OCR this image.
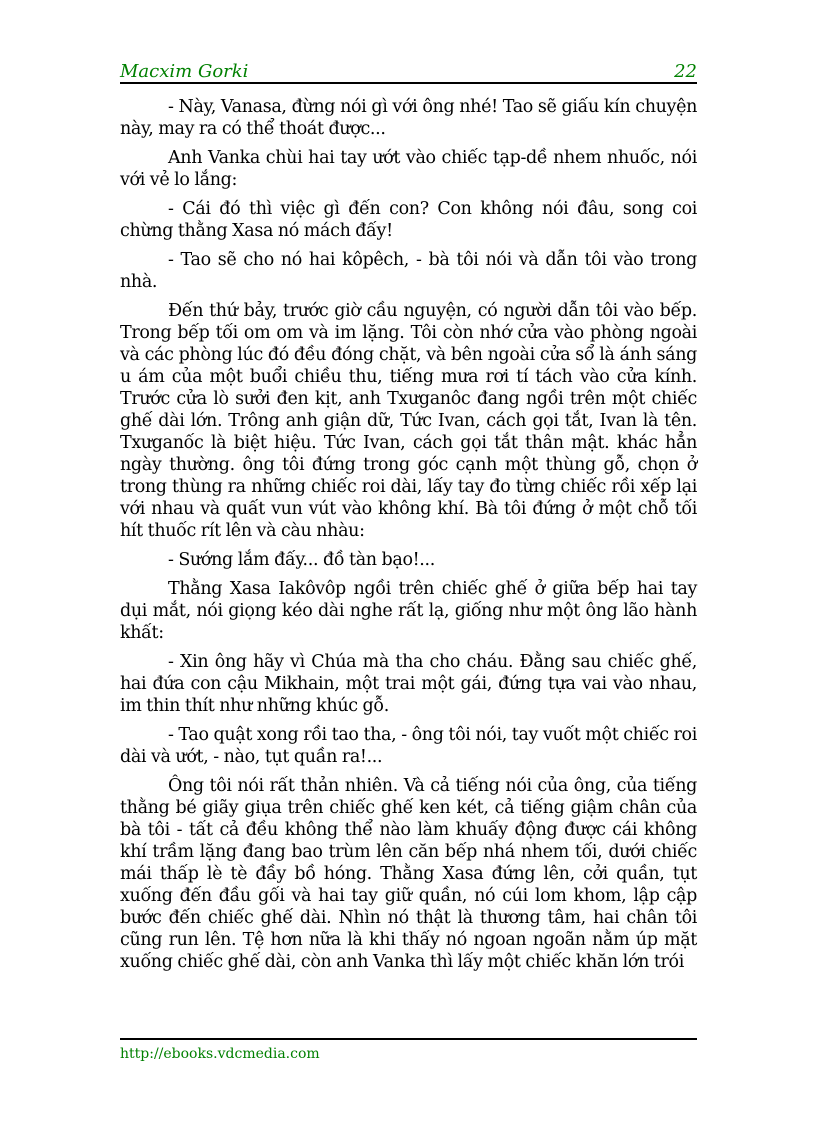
Macxim Gorki	22

- Này, Vanasa, đừng nói gì với ông nhé! Tao sẽ giấu kín chuyện này, may ra có thể thoát được...

Anh Vanka chùi hai tay ướt vào chiếc tạp-dề nhem nhuốc, nói với vẻ lo lắng:

- Cái đó thì việc gì đến con? Con không nói đâu, song coi chừng thằng Xasa nó mách đấy!

- Tao sẽ cho nó hai kôpêch, - bà tôi nói và dẫn tôi vào trong nhà.

Đến thứ bảy, trước giờ cầu nguyện, có người dẫn tôi vào bếp. Trong bếp tối om om và im lặng. Tôi còn nhớ cửa vào phòng ngoài và các phòng lúc đó đều đóng chặt, và bên ngoài cửa sổ là ánh sáng u ám của một buổi chiều thu, tiếng mưa rơi tí tách vào cửa kính. Trước cửa lò sưởi đen kịt, anh Txưganôc đang ngồi trên một chiếc ghế dài lớn. Trông anh giận dữ, Tức Ivan, cách gọi tắt, Ivan là tên. Txưganốc là biệt hiệu. Tức Ivan, cách gọi tắt thân mật. khác hẳn ngày thường. ông tôi đứng trong góc cạnh một thùng gỗ, chọn ở trong thùng ra những chiếc roi dài, lấy tay đo từng chiếc rồi xếp lại với nhau và quất vun vút vào không khí. Bà tôi đứng ở một chỗ tối hít thuốc rít lên và càu nhàu:

- Sướng lắm đấy... đồ tàn bạo!...

Thằng Xasa Iakôvôp ngồi trên chiếc ghế ở giữa bếp hai tay dụi mắt, nói giọng kéo dài nghe rất lạ, giống như một ông lão hành khất:

- Xin ông hãy vì Chúa mà tha cho cháu. Đằng sau chiếc ghế, hai đứa con cậu Mikhain, một trai một gái, đứng tựa vai vào nhau, im thin thít như những khúc gỗ.

- Tao quật xong rồi tao tha, - ông tôi nói, tay vuốt một chiếc roi dài và ướt, - nào, tụt quần ra!...

Ông tôi nói rất thản nhiên. Và cả tiếng nói của ông, của tiếng thằng bé giãy giụa trên chiếc ghế ken két, cả tiếng giậm chân của bà tôi - tất cả đều không thể nào làm khuấy động được cái không khí trầm lặng đang bao trùm lên căn bếp nhá nhem tối, dưới chiếc mái thấp lè tè đầy bồ hóng. Thằng Xasa đứng lên, cởi quần, tụt xuống đến đầu gối và hai tay giữ quần, nó cúi lom khom, lập cập bước đến chiếc ghế dài. Nhìn nó thật là thương tâm, hai chân tôi cũng run lên. Tệ hơn nữa là khi thấy nó ngoan ngoãn nằm úp mặt xuống chiếc ghế dài, còn anh Vanka thì lấy một chiếc khăn lớn trói

http://ebooks.vdcmedia.com
